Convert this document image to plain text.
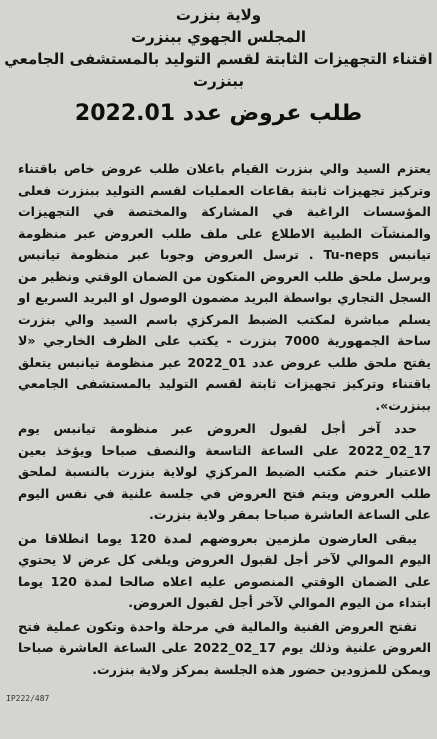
ولاية بنزرت

المجلس الجهوي ببنزرت

اقتناء التجهيزات الثابتة لقسم التوليد بالمستشفى الجامعي

ببنزرت

طلب عروض عدد 2022.01

يعتزم السيد والي بنزرت القيام باعلان طلب عروض خاص باقتناء وتركيز تجهيزات ثابتة بقاعات العمليات لقسم التوليد ببنزرت فعلى المؤسسات الراغبة في المشاركة والمختصة في التجهيزات والمنشآت الطبية الاطلاع على ملف طلب العروض عبر منظومة تيانبس Tu-neps . ترسل العروض وجوبا عبر منظومة تيانبس ويرسل ملحق طلب العروض المتكون من الضمان الوقتي ونظير من السجل التجاري بواسطة البريد مضمون الوصول او البريد السريع او يسلم مباشرة لمكتب الضبط المركزي باسم السيد والي بنزرت ساحة الجمهورية 7000 بنزرت - يكتب على الظرف الخارجي «لا يفتح ملحق طلب عروض عدد 01_2022 عبر منظومة تيانبس يتعلق باقتناء وتركيز تجهيزات ثابتة لقسم التوليد بالمستشفى الجامعي ببنزرت».

حدد آخر أجل لقبول العروض عبر منظومة تيانبس يوم 17_02_2022 على الساعة التاسعة والنصف صباحا ويؤخذ بعين الاعتبار ختم مكتب الضبط المركزي لولاية بنزرت بالنسبة لملحق طلب العروض ويتم فتح العروض في جلسة علنية في نفس اليوم على الساعة العاشرة صباحا بمقر ولاية بنزرت.

يبقى العارضون ملزمين بعروضهم لمدة 120 يوما انطلاقا من اليوم الموالي لآخر أجل لقبول العروض ويلغى كل عرض لا يحتوي على الضمان الوقتي المنصوص عليه اعلاه صالحا لمدة 120 يوما ابتداء من اليوم الموالي لآخر أجل لقبول العروض.

تفتح العروض الفنية والمالية في مرحلة واحدة وتكون عملية فتح العروض علنية وذلك يوم 17_02_2022 على الساعة العاشرة صباحا ويمكن للمزودين حضور هذه الجلسة بمركز ولاية بنزرت.

IP222/487
